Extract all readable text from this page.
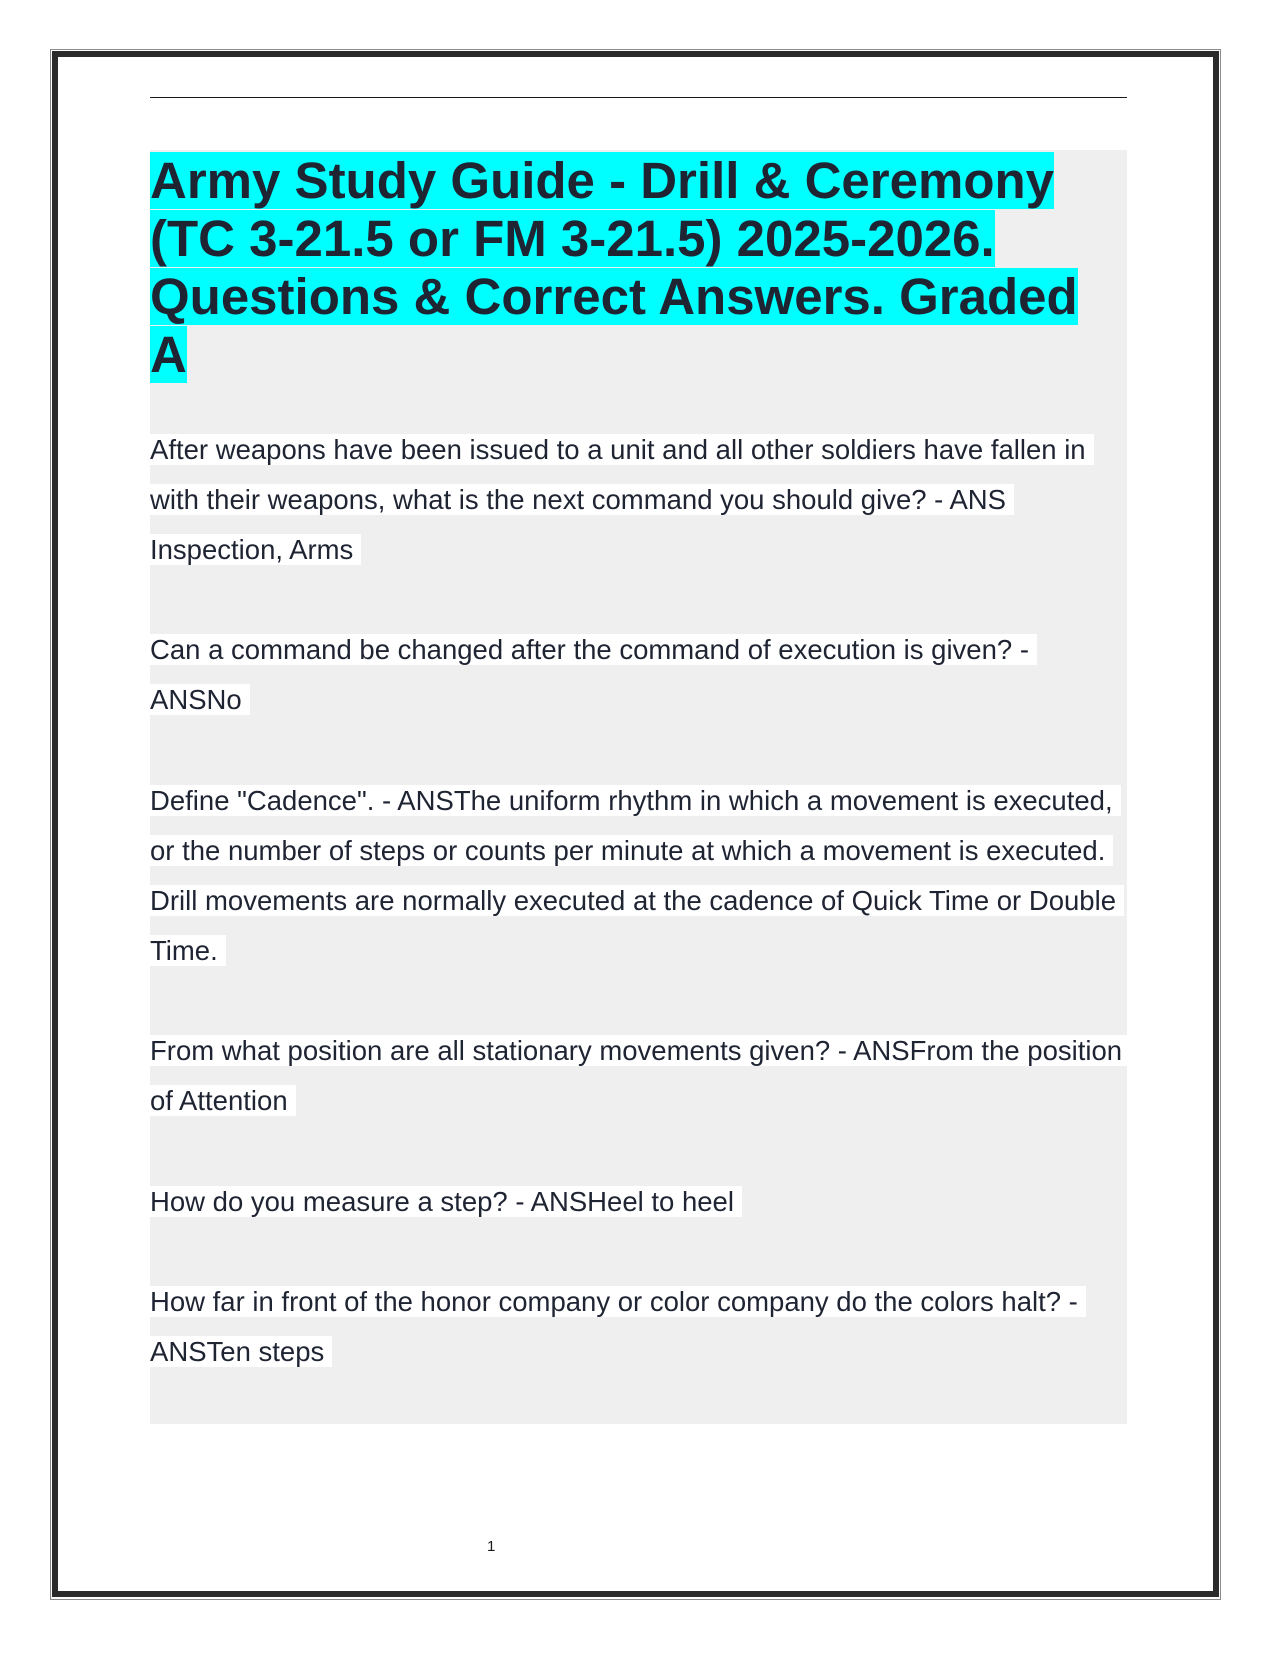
Army Study Guide - Drill & Ceremony (TC 3-21.5 or FM 3-21.5) 2025-2026. Questions & Correct Answers. Graded A

After weapons have been issued to a unit and all other soldiers have fallen in with their weapons, what is the next command you should give? - ANS Inspection, Arms

Can a command be changed after the command of execution is given? - ANSNo

Define "Cadence". - ANSThe uniform rhythm in which a movement is executed, or the number of steps or counts per minute at which a movement is executed. Drill movements are normally executed at the cadence of Quick Time or Double Time.

From what position are all stationary movements given? - ANSFrom the position of Attention

How do you measure a step? - ANSHeel to heel

How far in front of the honor company or color company do the colors halt? - ANSTen steps

1
